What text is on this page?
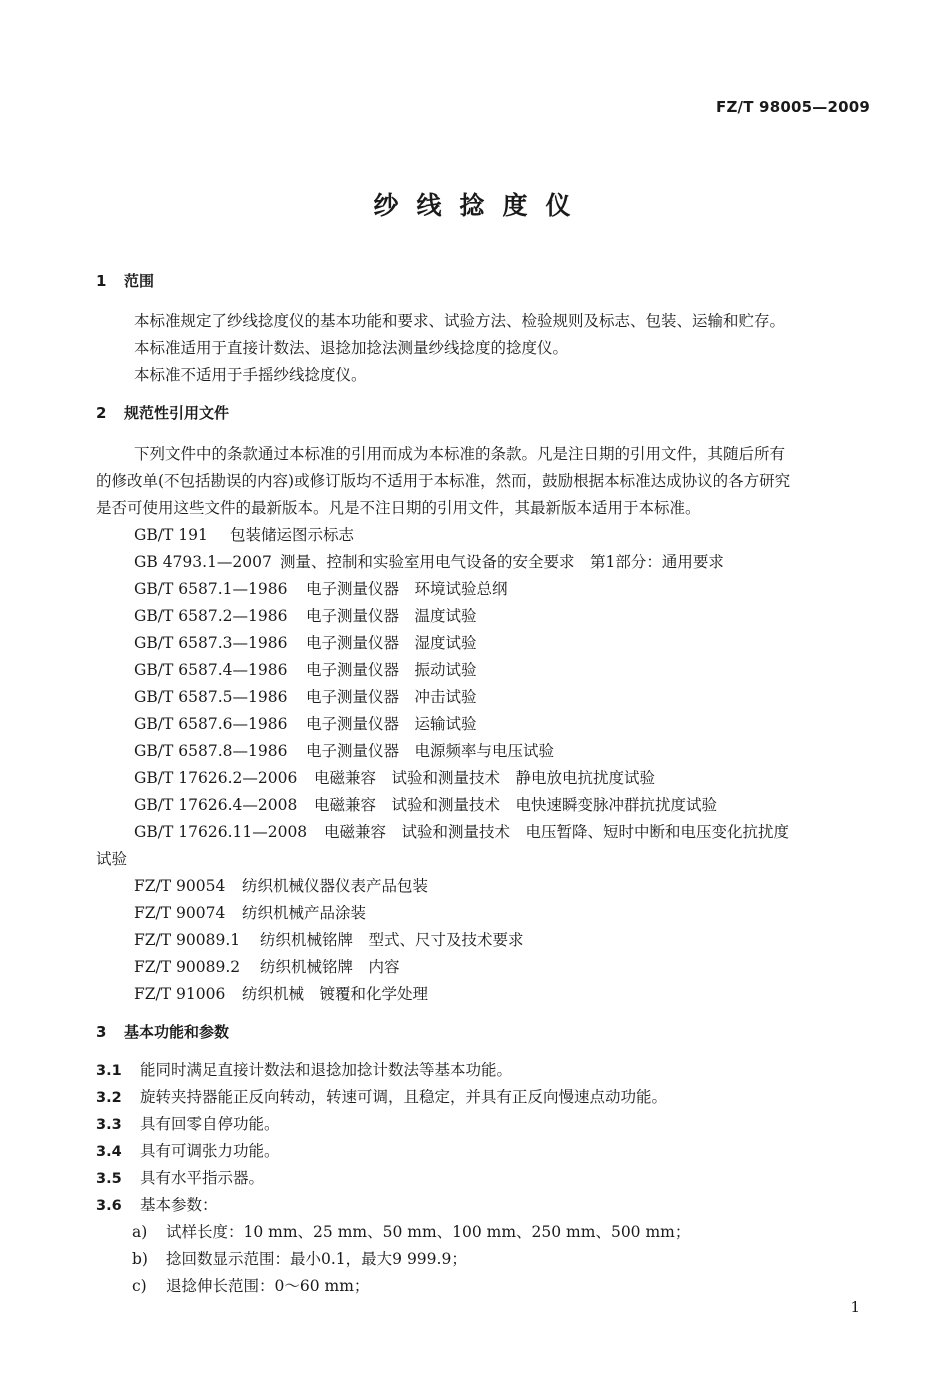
FZ/T 98005—2009
纱线捻度仪
1 范围
本标准规定了纱线捻度仪的基本功能和要求、试验方法、检验规则及标志、包装、运输和贮存。
本标准适用于直接计数法、退捻加捻法测量纱线捻度的捻度仪。
本标准不适用于手摇纱线捻度仪。
2 规范性引用文件
下列文件中的条款通过本标准的引用而成为本标准的条款。凡是注日期的引用文件，其随后所有
的修改单(不包括勘误的内容)或修订版均不适用于本标准，然而，鼓励根据本标准达成协议的各方研究
是否可使用这些文件的最新版本。凡是不注日期的引用文件，其最新版本适用于本标准。
GB/T 191 包装储运图示标志
GB 4793.1—2007 测量、控制和实验室用电气设备的安全要求　第1部分：通用要求
GB/T 6587.1—1986 电子测量仪器　环境试验总纲
GB/T 6587.2—1986 电子测量仪器　温度试验
GB/T 6587.3—1986 电子测量仪器　湿度试验
GB/T 6587.4—1986 电子测量仪器　振动试验
GB/T 6587.5—1986 电子测量仪器　冲击试验
GB/T 6587.6—1986 电子测量仪器　运输试验
GB/T 6587.8—1986 电子测量仪器　电源频率与电压试验
GB/T 17626.2—2006 电磁兼容　试验和测量技术　静电放电抗扰度试验
GB/T 17626.4—2008 电磁兼容　试验和测量技术　电快速瞬变脉冲群抗扰度试验
GB/T 17626.11—2008 电磁兼容　试验和测量技术　电压暂降、短时中断和电压变化抗扰度
试验
FZ/T 90054 纺织机械仪器仪表产品包装
FZ/T 90074 纺织机械产品涂装
FZ/T 90089.1 纺织机械铭牌　型式、尺寸及技术要求
FZ/T 90089.2 纺织机械铭牌　内容
FZ/T 91006 纺织机械　镀覆和化学处理
3 基本功能和参数
3.1 能同时满足直接计数法和退捻加捻计数法等基本功能。
3.2 旋转夹持器能正反向转动，转速可调，且稳定，并具有正反向慢速点动功能。
3.3 具有回零自停功能。
3.4 具有可调张力功能。
3.5 具有水平指示器。
3.6 基本参数：
a) 试样长度：10 mm、25 mm、50 mm、100 mm、250 mm、500 mm；
b) 捻回数显示范围：最小0.1，最大9 999.9；
c) 退捻伸长范围：0～60 mm；
1
